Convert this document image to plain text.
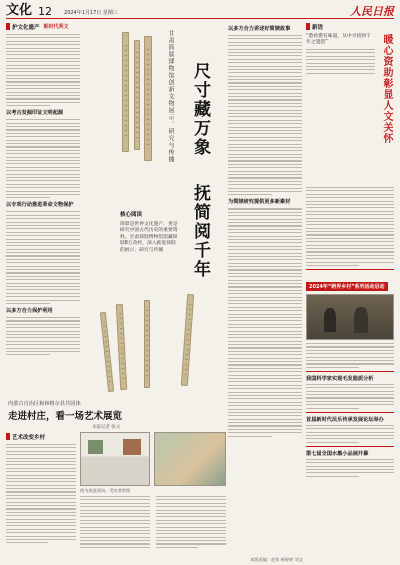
文化 12 2024年1月17日 星期三	人民日报
护文化遗产 彰时代英文
以考古发掘印证文明起源
以专项行动推进革命文物保护
以多方合力保护利用
甘肃简牍博物馆创新文物展示、研究与传播 尺寸藏万象
抚简阅千年
核心阅读
简牍是世界文化遗产，更是研究中国古代历史的重要资料。甘肃简牍博物馆馆藏简牍8万余枚，深入推进简牍的展示、研究与传播
以多方合力讲述好简牍故事
为简牍研究提供更多新素材
新语
“愈看愈有味道，从中寻找到千年之遗韵”	暖心资助彰显人文关怀
2024年“跨界乡村”系列活动启动
我国科学家实现毛发脂质分析
首届新时代民乐传承发展论坛举办
第七届全国水墨小品展开幕
内蒙古自治区和林格尔县共同体
走进村庄，看一场艺术展览
本报记者 张文
艺术改变乡村
图为展览现场。受访者供图
本版责编：赵荣 杨婷婷 刘文
